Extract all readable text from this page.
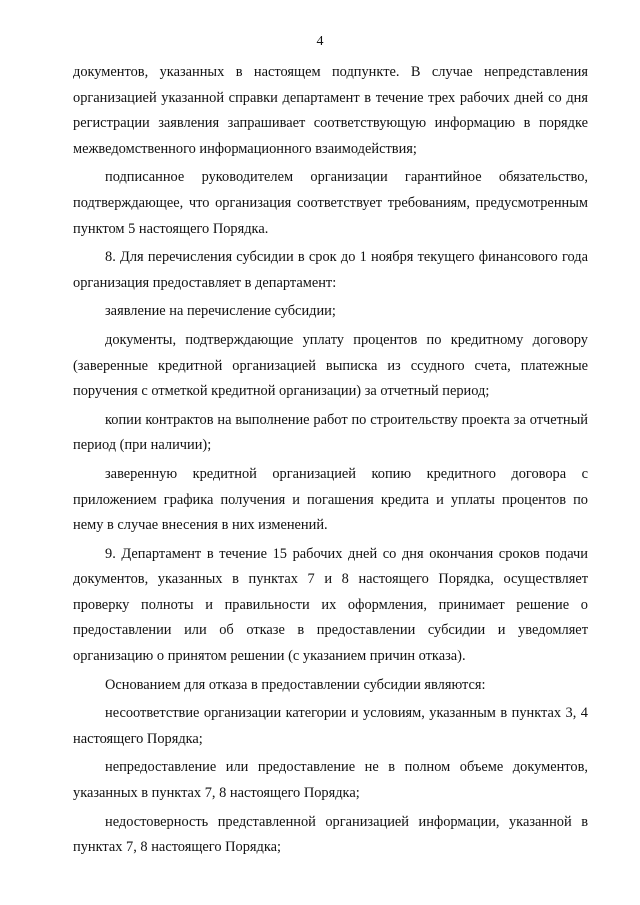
4

документов, указанных в настоящем подпункте. В случае непредставления организацией указанной справки департамент в течение трех рабочих дней со дня регистрации заявления запрашивает соответствующую информацию в порядке межведомственного информационного взаимодействия;

подписанное руководителем организации гарантийное обязательство, подтверждающее, что организация соответствует требованиям, предусмотренным пунктом 5 настоящего Порядка.

8. Для перечисления субсидии в срок до 1 ноября текущего финансового года организация предоставляет в департамент:

заявление на перечисление субсидии;

документы, подтверждающие уплату процентов по кредитному договору (заверенные кредитной организацией выписка из ссудного счета, платежные поручения с отметкой кредитной организации) за отчетный период;

копии контрактов на выполнение работ по строительству проекта за отчетный период (при наличии);

заверенную кредитной организацией копию кредитного договора с приложением графика получения и погашения кредита и уплаты процентов по нему в случае внесения в них изменений.

9. Департамент в течение 15 рабочих дней со дня окончания сроков подачи документов, указанных в пунктах 7 и 8 настоящего Порядка, осуществляет проверку полноты и правильности их оформления, принимает решение о предоставлении или об отказе в предоставлении субсидии и уведомляет организацию о принятом решении (с указанием причин отказа).

Основанием для отказа в предоставлении субсидии являются:

несоответствие организации категории и условиям, указанным в пунктах 3, 4 настоящего Порядка;

непредоставление или предоставление не в полном объеме документов, указанных в пунктах 7, 8 настоящего Порядка;

недостоверность представленной организацией информации, указанной в пунктах 7, 8 настоящего Порядка;
